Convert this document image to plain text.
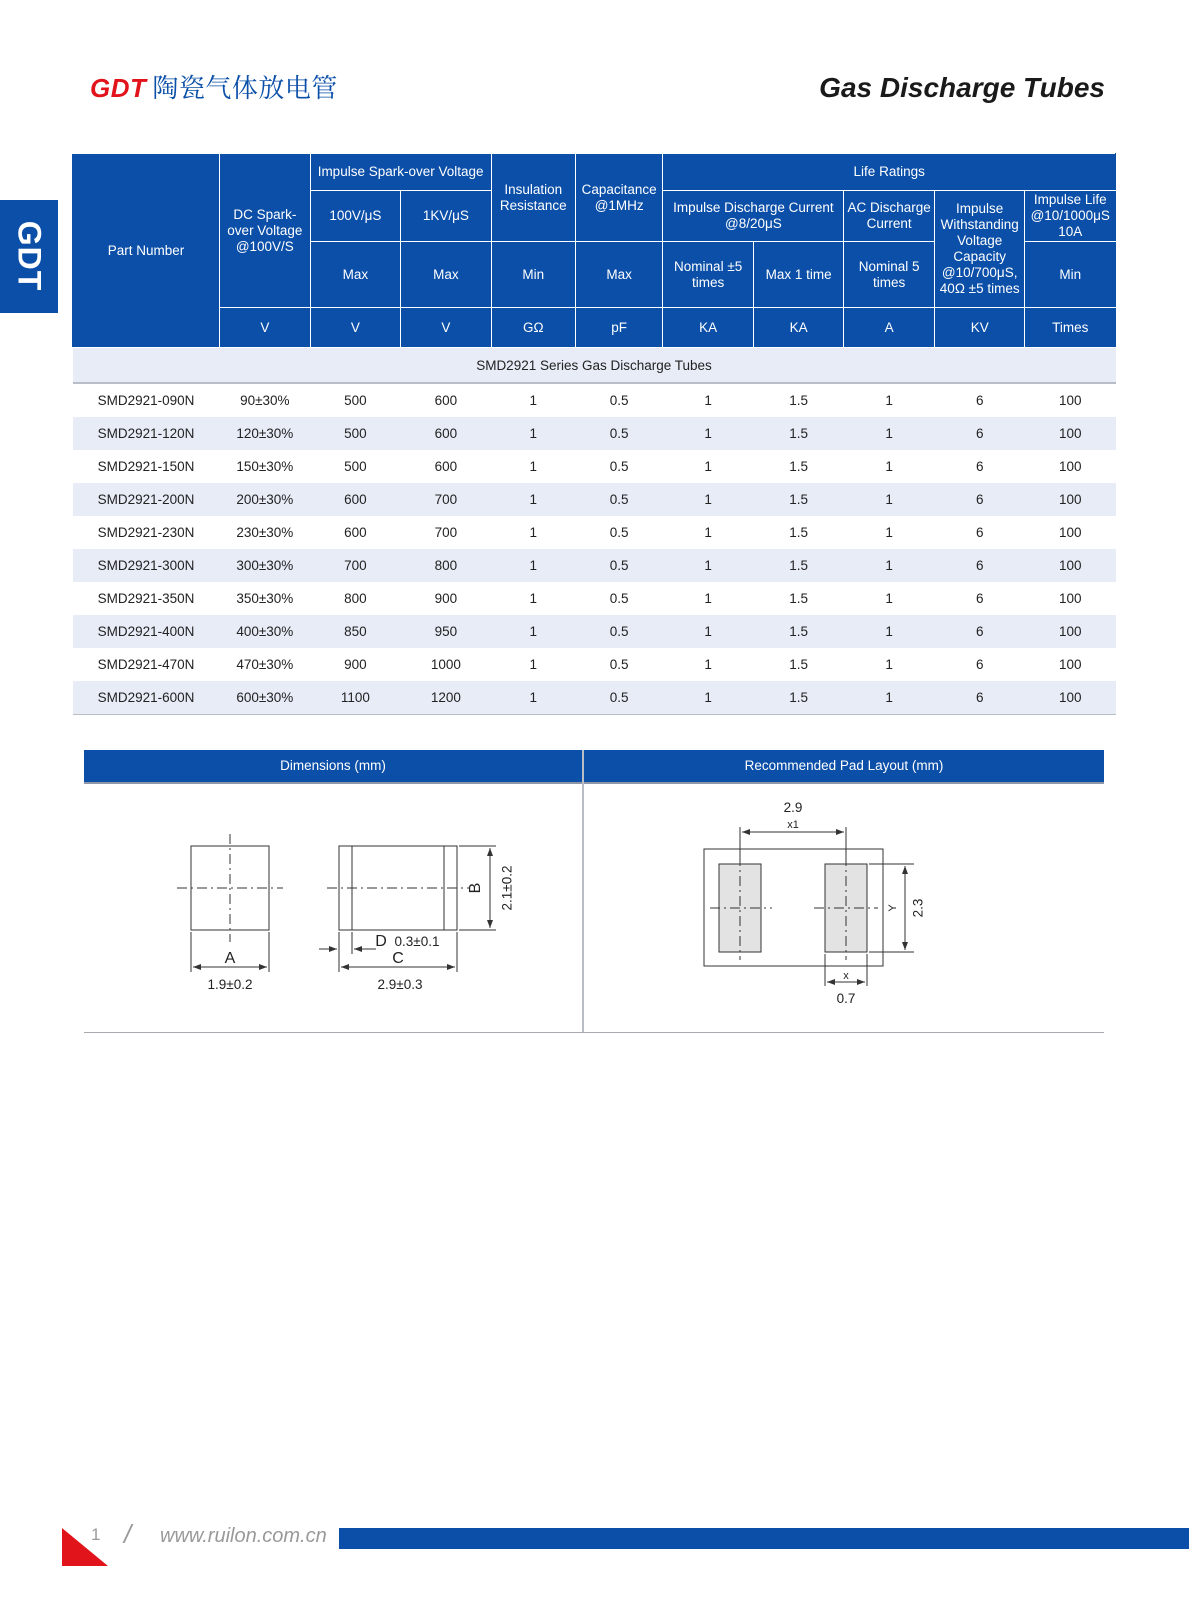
GDT 陶瓷气体放电管	Gas Discharge Tubes
GDT	Part Number	DC Spark-over Voltage @100V/S	Impulse Spark-over Voltage		Insulation Resistance	Capacitance @1MHz	Life Ratings				
		100V/μS	1KV/μS			Impulse Discharge Current @8/20μS		AC Discharge Current	Impulse Withstanding Voltage Capacity @10/700μS, 40Ω ±5 times	Impulse Life @10/1000μS 10A
		Max	Max	Min	Max	Nominal ±5 times	Max 1 time	Nominal 5 times		Min
	V	V	V	GΩ	pF	KA	KA	A	KV	Times
SMD2921 Series Gas Discharge Tubes										
SMD2921-090N	90±30%	500	600	1	0.5	1	1.5	1	6	100
SMD2921-120N	120±30%	500	600	1	0.5	1	1.5	1	6	100
SMD2921-150N	150±30%	500	600	1	0.5	1	1.5	1	6	100
SMD2921-200N	200±30%	600	700	1	0.5	1	1.5	1	6	100
SMD2921-230N	230±30%	600	700	1	0.5	1	1.5	1	6	100
SMD2921-300N	300±30%	700	800	1	0.5	1	1.5	1	6	100
SMD2921-350N	350±30%	800	900	1	0.5	1	1.5	1	6	100
SMD2921-400N	400±30%	850	950	1	0.5	1	1.5	1	6	100
SMD2921-470N	470±30%	900	1000	1	0.5	1	1.5	1	6	100
SMD2921-600N	600±30%	1100	1200	1	0.5	1	1.5	1	6	100
Dimensions (mm)	Recommended Pad Layout (mm)
A
1.9±0.2
B 2.1±0.2
C
2.9±0.3
D 0.3±0.1
2.9
x1
Y 2.3
x
0.7
1 / www.ruilon.com.cn
